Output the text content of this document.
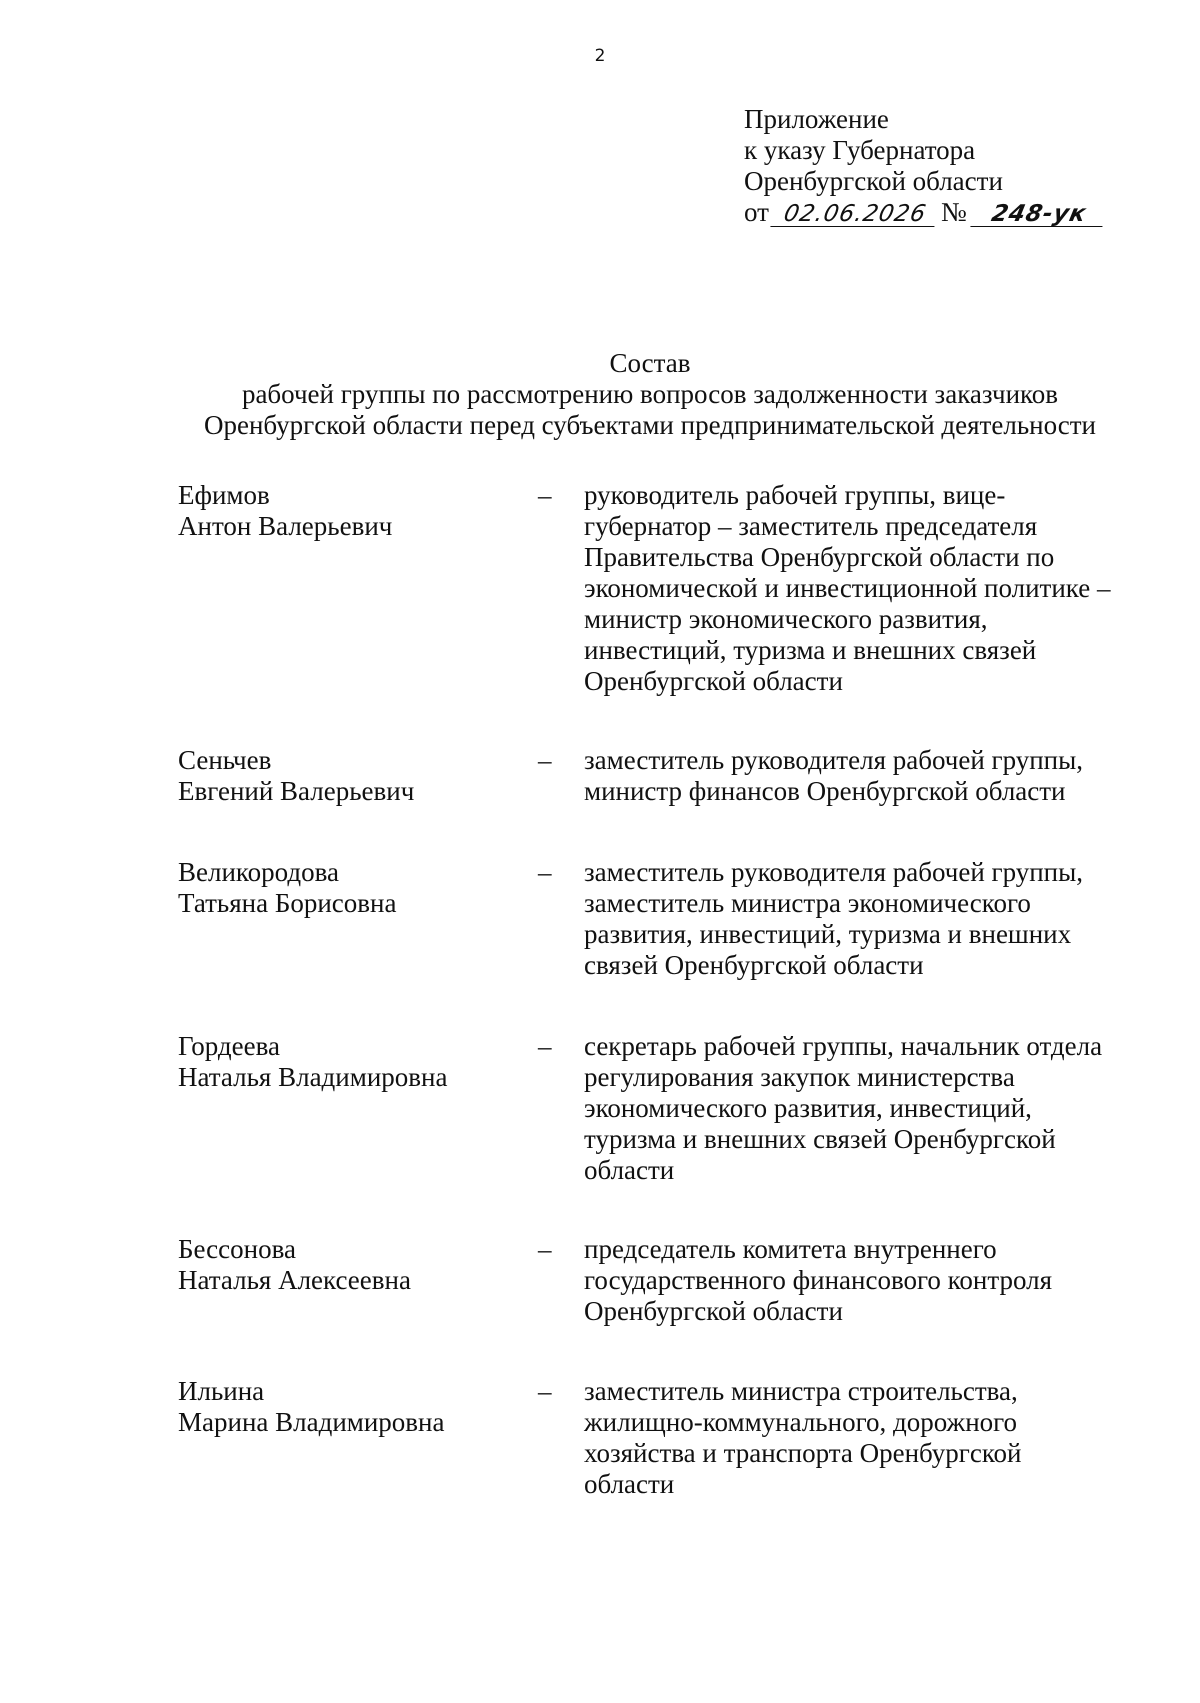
2
Приложение
к указу Губернатора
Оренбургской области
от 02.06.2026 № 248-ук
Состав
рабочей группы по рассмотрению вопросов задолженности заказчиков
Оренбургской области перед субъектами предпринимательской деятельности
Ефимов
Антон Валерьевич
–	руководитель рабочей группы, вице-
губернатор – заместитель председателя
Правительства Оренбургской области по
экономической и инвестиционной политике –
министр экономического развития,
инвестиций, туризма и внешних связей
Оренбургской области
Сеньчев
Евгений Валерьевич
–	заместитель руководителя рабочей группы,
министр финансов Оренбургской области
Великородова
Татьяна Борисовна
–	заместитель руководителя рабочей группы,
заместитель министра экономического
развития, инвестиций, туризма и внешних
связей Оренбургской области
Гордеева
Наталья Владимировна
–	секретарь рабочей группы, начальник отдела
регулирования закупок министерства
экономического развития, инвестиций,
туризма и внешних связей Оренбургской
области
Бессонова
Наталья Алексеевна
–	председатель комитета внутреннего
государственного финансового контроля
Оренбургской области
Ильина
Марина Владимировна
–	заместитель министра строительства,
жилищно-коммунального, дорожного
хозяйства и транспорта Оренбургской
области
